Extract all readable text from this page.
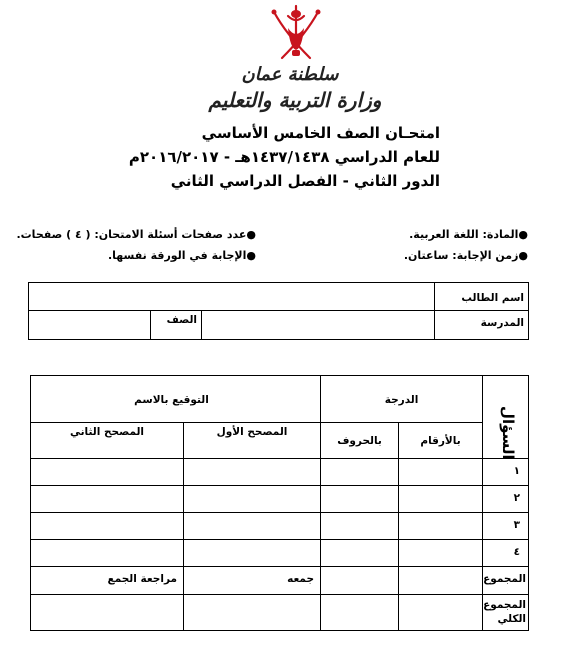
سلطنة عمان
وزارة التربية والتعليم
امتحـان الصف الخامس الأساسي
للعام الدراسي ١٤٣٧/١٤٣٨هـ - ٢٠١٦/٢٠١٧م
الدور الثاني - الفصل الدراسي الثاني
●المادة: اللغة العربية.
●عدد صفحات أسئلة الامتحان: ( ٤ ) صفحات.
●زمن الإجابة: ساعتان.
●الإجابة في الورقة نفسها.

			اسم الطالب

	الصف		المدرسة
التوقيع بالاسم		الدرجة		السؤال

المصحح الثاني	المصحح الأول	بالحروف	بالأرقام	

				١

				٢

				٣

				٤

مراجعة الجمع	جمعه			المجموع

				المجموع
الكلي
